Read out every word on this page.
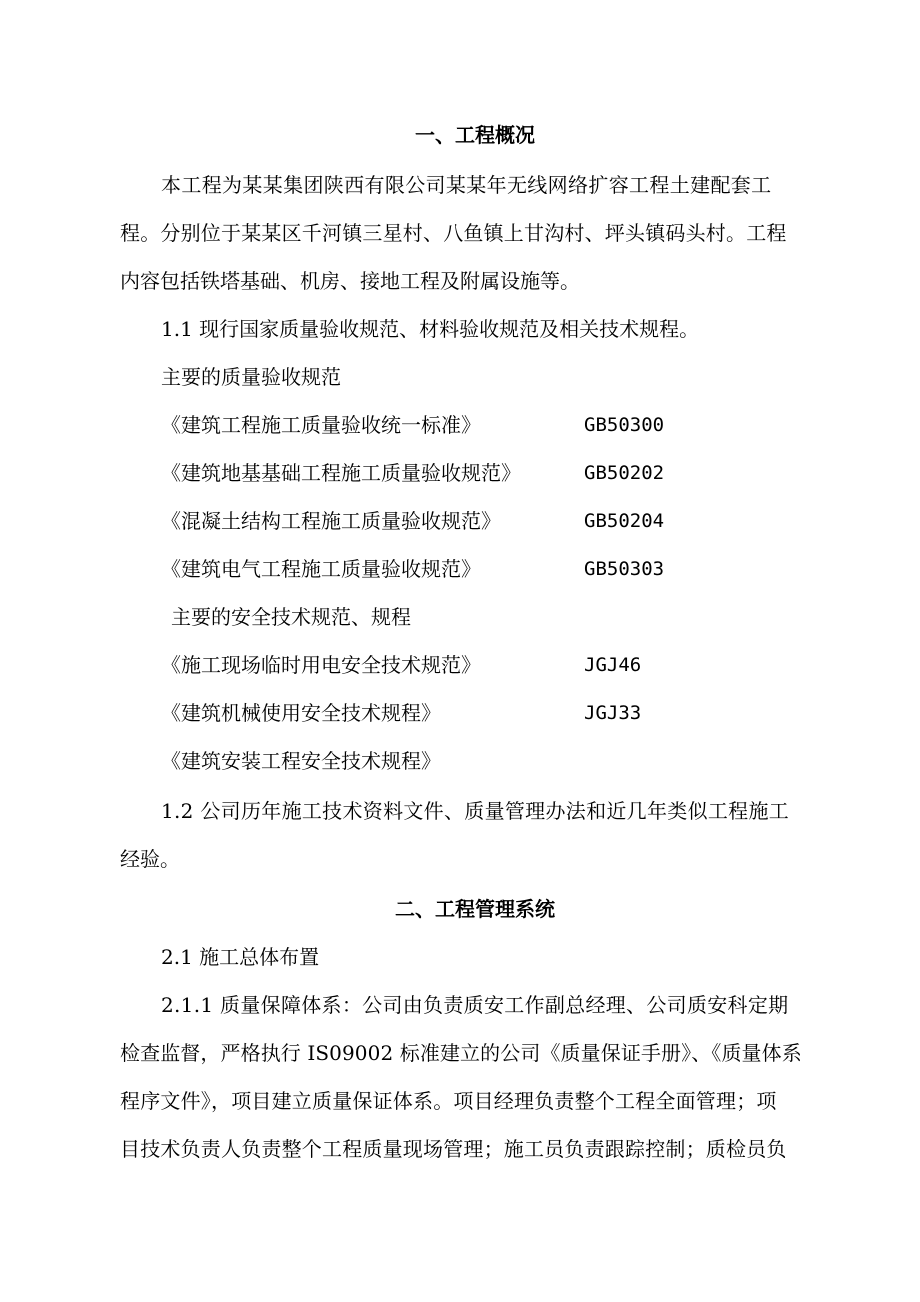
一、工程概况
本工程为某某集团陕西有限公司某某年无线网络扩容工程土建配套工
程。分别位于某某区千河镇三星村、八鱼镇上甘沟村、坪头镇码头村。工程
内容包括铁塔基础、机房、接地工程及附属设施等。
1.1 现行国家质量验收规范、材料验收规范及相关技术规程。
主要的质量验收规范
《建筑工程施工质量验收统一标准》	GB50300
《建筑地基基础工程施工质量验收规范》	GB50202
《混凝土结构工程施工质量验收规范》	GB50204
《建筑电气工程施工质量验收规范》	GB50303
主要的安全技术规范、规程
《施工现场临时用电安全技术规范》	JGJ46
《建筑机械使用安全技术规程》	JGJ33
《建筑安装工程安全技术规程》
1.2 公司历年施工技术资料文件、质量管理办法和近几年类似工程施工
经验。
二、工程管理系统
2.1 施工总体布置
2.1.1 质量保障体系：公司由负责质安工作副总经理、公司质安科定期
检查监督，严格执行 IS09002 标准建立的公司《质量保证手册》、《质量体系
程序文件》，项目建立质量保证体系。项目经理负责整个工程全面管理；项
目技术负责人负责整个工程质量现场管理；施工员负责跟踪控制；质检员负
